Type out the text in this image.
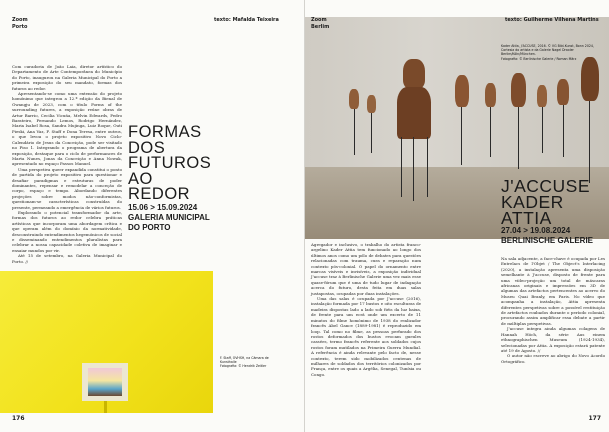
Zoom
Porto
texto: Mafalda Teixeira

Com curadoria de João Laia, diretor artístico do Departamento de Arte Contemporânea do Município do Porto, inaugurou na Galeria Municipal do Porto a primeira exposição do seu mandato, formas dos futuros ao redor.

Apresentando-se como uma extensão do projeto homónimo que integrou a 12.ª edição da Bienal de Gwangju de 2023, com o título Forms of the surrounding futures, a exposição reúne obras de Artur Barrio, Cecilia Vicuña, Melvin Edwards, Pedro Barateiro, Fernando Lemos, Rodrigo Hernández, Maria Isabel Rosa, Sandra Mujinga, Luiz Roque, Outi Pieski, Ana Vaz, F. Staff e Dona Teresa, entre outros, o que levou o projeto expositivo Novo Ciclo-Calendário de Jesus da Conceição, pode ser visitado no Piso 1. Integrando o programa de abertura da exposição, destaque para o ciclo de performances de Marta Nunes, Jonas da Conceição e Anna Nowak, apresentado no espaço Passos Manuel.

Uma perspetiva queer expandida constitui o ponto de partida do projeto expositivo para questionar e desafiar paradigmas e estruturas de poder dominantes, repensar e remodelar a conceção de corpo, espaço e tempo. Abordando diferentes projeções sobre modos não-conformistas, questionam-se características construídas do presente, permeando a emergência de vários futuros.

Explorando o potencial transformador da arte, formas dos futuros ao redor celebra práticas artísticas que incorporam uma abordagem crítica e que operam além do domínio da normatividade, desconstruindo entendimentos hegemónicos de social e disseminando entendimentos pluralistas para celebrar a nossa capacidade coletiva de imaginar e ensaiar mundos por vir.

Até 15 de setembro, na Galeria Municipal do Porto. //

FORMAS
DOS
FUTUROS
AO
REDOR
15.06 > 15.09.2024
GALERIA MUNICIPAL
DO PORTO
F. Staff, OVHSH, na Câmara de
Kunsthalle
Fotografia: © Hendrik Zeitler
176
Zoom
Berlim
texto: Guilherme Vilhena Martins
Kader Attia, J'ACCUSE, 2016. © VG Bild-Kunst, Bonn 2024,
Cortesia do artista e da Galerie Nagel Draxler Berlim/Köln/München.
Fotografia: © Berlinische Galerie / Roman März
J'ACCUSE
KADER
ATTIA
27.04 > 19.08.2024
BERLINISCHE GALERIE

Agregador e inclusivo, o trabalho do artista franco-argelino Kader Attia tem funcionado ao longo dos últimos anos como um pólo de debates para questões relacionadas com trauma, cura e reparação num contexto pós-colonial. O papel do ornamento entre marcas visíveis e invisíveis, a exposição individual J'accuse traz à Berlinische Galerie uma vez mais esse quase-fórum que é uma de tudo lugar de indagação acerca do futuro, desta feita em duas salas justapostas, ocupadas por duas instalações.

Uma das salas é ocupada por J'accuse (2016), instalação formada por 17 bustos e oito esculturas de madeira dispostas lado a lado sob fiéis da luz baixa, de frente para um ecrã onde um excerto de 11 minutos do filme homónimo de 1938 do realizador francês Abel Gance (1889-1981) é reproduzido em loop. Tal como no filme, as pessoas perfurado dos rostos deformados dos bustos evocam gueules cassées, termo francês referente aos soldados cujos rostos foram mutilados na Primeira Guerra Mundial. A referência é ainda relevante pelo facto de, nesse contexto, terem sido mobilizados centenas de milhares de soldados dos territórios colonizados por França, entre os quais a Argélia, Senegal, Tunísia ou Congo.

Na sala adjacente, a face-chave é ocupada por Les Entrelacs de l'Objet / The Object's Interlacing (2020), a instalação apresenta uma disposição semelhante à J'accuse, disposto de frente para uma vídeo-projeção um total de máscaras africanas originais e impressões em 3D de algumas das artefactos pertencentes ao acervo do Museu Quai Branly, em Paris. No vídeo que acompanha a instalação, Attia apresenta diferentes perspetivas sobre a possível restituição de artefactos roubados durante o período colonial, procurando assim amplificar essa debate a partir de múltiplas perspetivas.

J'accuse integra ainda algumas colagens de Hannah Höch, da série Aus einem ethnographischen Museum (1924-1934), selecionadas por Attia. A exposição estará patente até 19 de Agosto. //

O autor não escreve ao abrigo do Novo Acordo Ortográfico.

177
